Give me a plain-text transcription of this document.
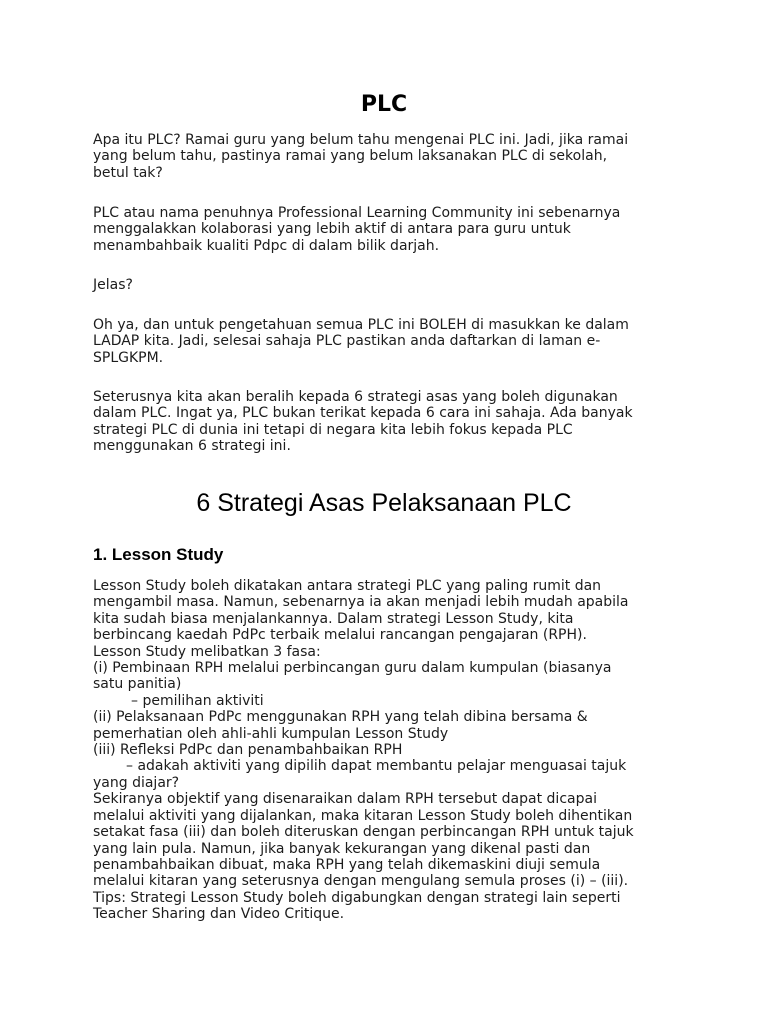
PLC

Apa itu PLC? Ramai guru yang belum tahu mengenai PLC ini. Jadi, jika ramai
yang belum tahu, pastinya ramai yang belum laksanakan PLC di sekolah,
betul tak?

PLC atau nama penuhnya Professional Learning Community ini sebenarnya
menggalakkan kolaborasi yang lebih aktif di antara para guru untuk
menambahbaik kualiti Pdpc di dalam bilik darjah.

Jelas?

Oh ya, dan untuk pengetahuan semua PLC ini BOLEH di masukkan ke dalam
LADAP kita. Jadi, selesai sahaja PLC pastikan anda daftarkan di laman e-
SPLGKPM.

Seterusnya kita akan beralih kepada 6 strategi asas yang boleh digunakan
dalam PLC. Ingat ya, PLC bukan terikat kepada 6 cara ini sahaja. Ada banyak
strategi PLC di dunia ini tetapi di negara kita lebih fokus kepada PLC
menggunakan 6 strategi ini.

6 Strategi Asas Pelaksanaan PLC
1. Lesson Study
Lesson Study boleh dikatakan antara strategi PLC yang paling rumit dan
mengambil masa. Namun, sebenarnya ia akan menjadi lebih mudah apabila
kita sudah biasa menjalankannya. Dalam strategi Lesson Study, kita
berbincang kaedah PdPc terbaik melalui rancangan pengajaran (RPH).
Lesson Study melibatkan 3 fasa:
(i) Pembinaan RPH melalui perbincangan guru dalam kumpulan (biasanya
satu panitia)
– pemilihan aktiviti
(ii) Pelaksanaan PdPc menggunakan RPH yang telah dibina bersama &
pemerhatian oleh ahli-ahli kumpulan Lesson Study
(iii) Refleksi PdPc dan penambahbaikan RPH
– adakah aktiviti yang dipilih dapat membantu pelajar menguasai tajuk
yang diajar?
Sekiranya objektif yang disenaraikan dalam RPH tersebut dapat dicapai
melalui aktiviti yang dijalankan, maka kitaran Lesson Study boleh dihentikan
setakat fasa (iii) dan boleh diteruskan dengan perbincangan RPH untuk tajuk
yang lain pula. Namun, jika banyak kekurangan yang dikenal pasti dan
penambahbaikan dibuat, maka RPH yang telah dikemaskini diuji semula
melalui kitaran yang seterusnya dengan mengulang semula proses (i) – (iii).
Tips: Strategi Lesson Study boleh digabungkan dengan strategi lain seperti
Teacher Sharing dan Video Critique.
